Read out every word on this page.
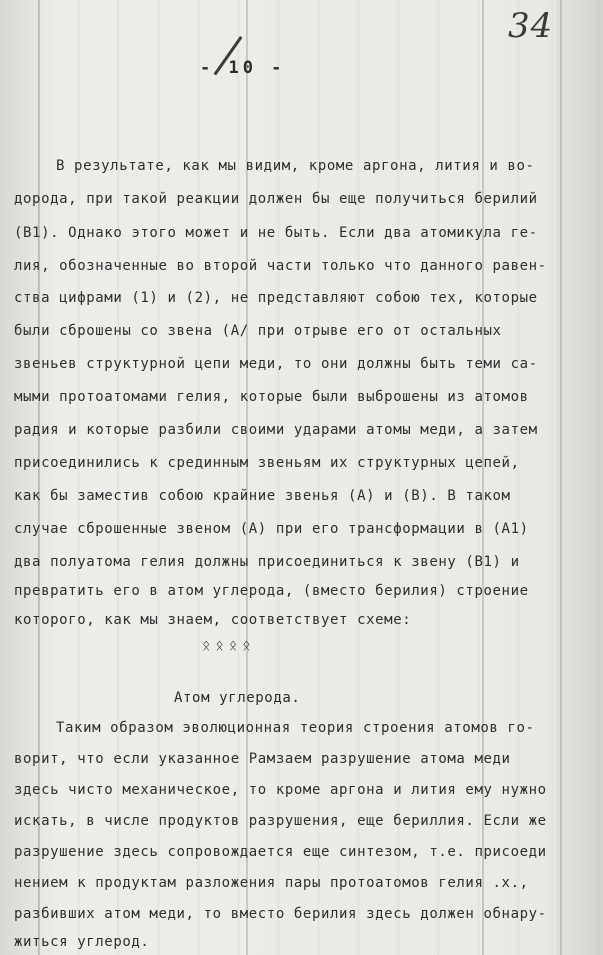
34
- 10 -
В результате, как мы видим, кроме аргона, лития и во-
дорода, при такой реакции должен бы еще получиться берилий
(B1). Однако этого может и не быть. Если два атомикула ге-
лия, обозначенные во второй части только что данного равен-
ства цифрами (1) и (2), не представляют собою тех, которые
были сброшены со звена (А/ при отрыве его от остальных
звеньев структурной цепи меди, то они должны быть теми са-
мыми протоатомами гелия, которые были выброшены из атомов
радия и которые разбили своими ударами атомы меди, а затем
присоединились к срединным звеньям их структурных цепей,
как бы заместив собою крайние звенья (А) и (В). В таком
случае сброшенные звеном (А) при его трансформации в (А1)
два полуатома гелия должны присоединиться к звену (В1) и
превратить его в атом углерода, (вместо берилия) строение
которого, как мы знаем, соответствует схеме:
ᛟᛟᛟᛟ
Атом углерода.
Таким образом эволюционная теория строения атомов го-
ворит, что если указанное Рамзаем разрушение атома меди
здесь чисто механическое, то кроме аргона и лития ему нужно
искать, в числе продуктов разрушения, еще бериллия. Если же
разрушение здесь сопровождается еще синтезом, т.е. присоеди
нением к продуктам разложения пары протоатомов гелия .х.,
разбивших атом меди, то вместо берилия здесь должен обнару-
житься углерод.
